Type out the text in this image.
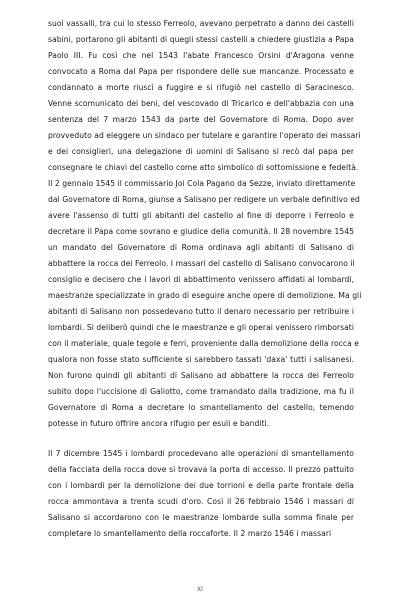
suoi vassalli, tra cui lo stesso Ferreolo, avevano perpetrato a danno dei castelli
sabini, portarono gli abitanti di quegli stessi castelli a chiedere giustizia a Papa
Paolo III. Fu così che nel 1543 l'abate Francesco Orsini d'Aragona venne
convocato a Roma dal Papa per rispondere delle sue mancanze. Processato e
condannato a morte riuscì a fuggire e si rifugiò nel castello di Saracinesco.
Venne scomunicato dei beni, del vescovado di Tricarico e dell'abbazia con una
sentenza del 7 marzo 1543 da parte del Governatore di Roma. Dopo aver
provveduto ad eleggere un sindaco per tutelare e garantire l'operato dei massari
e dei consiglieri, una delegazione di uomini di Salisano si recò dal papa per
consegnare le chiavi del castello come atto simbolico di sottomissione e fedeltà.
Il 2 gennaio 1545 il commissario Joi Cola Pagano da Sezze, inviato direttamente
dal Governatore di Roma, giunse a Salisano per redigere un verbale definitivo ed
avere l'assenso di tutti gli abitanti del castello al fine di deporre i Ferreolo e
decretare il Papa come sovrano e giudice della comunità. Il 28 novembre 1545
un mandato del Governatore di Roma ordinava agli abitanti di Salisano di
abbattere la rocca dei Ferreolo. I massari del castello di Salisano convocarono il
consiglio e decisero che i lavori di abbattimento venissero affidati ai lombardi,
maestranze specializzate in grado di eseguire anche opere di demolizione. Ma gli
abitanti di Salisano non possedevano tutto il denaro necessario per retribuire i
lombardi. Si deliberò quindi che le maestranze e gli operai venissero rimborsati
con il materiale, quale tegole e ferri, proveniente dalla demolizione della rocca e
qualora non fosse stato sufficiente si sarebbero tassati 'daxa' tutti i salisanesi.
Non furono quindi gli abitanti di Salisano ad abbattere la rocca dei Ferreolo
subito dopo l'uccisione di Galiotto, come tramandato dalla tradizione, ma fu il
Governatore di Roma a decretare lo smantellamento del castello, temendo
potesse in futuro offrire ancora rifugio per esuli e banditi.
Il 7 dicembre 1545 i lombardi procedevano alle operazioni di smantellamento
della facciata della rocca dove si trovava la porta di accesso. Il prezzo pattuito
con i lombardi per la demolizione dei due torrioni e della parte frontale della
rocca ammontava a trenta scudi d'oro. Così il 26 febbraio 1546 i massari di
Salisano si accordarono con le maestranze lombarde sulla somma finale per
completare lo smantellamento della roccaforte. Il 2 marzo 1546 i massari
XI
